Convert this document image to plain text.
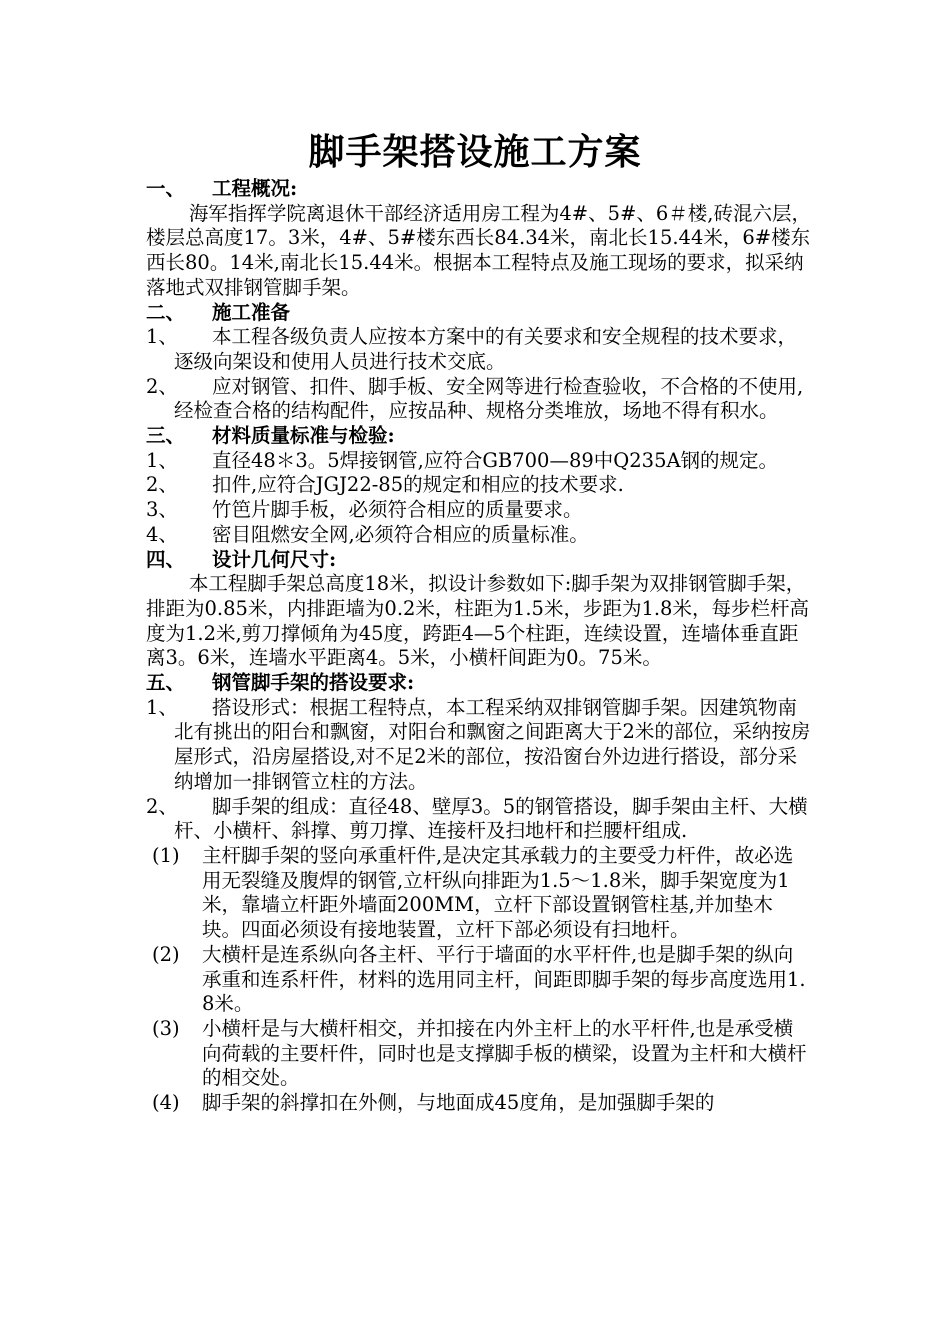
脚手架搭设施工方案

一、 工程概况:

海军指挥学院离退休干部经济适用房工程为4#、5#、6＃楼,砖混六层，楼层总高度17。3米，4#、5#楼东西长84.34米，南北长15.44米，6#楼东西长80。14米,南北长15.44米。根据本工程特点及施工现场的要求，拟采纳落地式双排钢管脚手架。

二、 施工准备

1、 本工程各级负责人应按本方案中的有关要求和安全规程的技术要求，逐级向架设和使用人员进行技术交底。

2、 应对钢管、扣件、脚手板、安全网等进行检查验收，不合格的不使用,经检查合格的结构配件，应按品种、规格分类堆放，场地不得有积水。

三、 材料质量标准与检验:

1、 直径48＊3。5焊接钢管,应符合GB700—89中Q235A钢的规定。

2、 扣件,应符合JGJ22-85的规定和相应的技术要求.

3、 竹笆片脚手板，必须符合相应的质量要求。

4、 密目阻燃安全网,必须符合相应的质量标准。

四、 设计几何尺寸:

本工程脚手架总高度18米，拟设计参数如下:脚手架为双排钢管脚手架，排距为0.85米，内排距墙为0.2米，柱距为1.5米，步距为1.8米，每步栏杆高度为1.2米,剪刀撑倾角为45度，跨距4—5个柱距，连续设置，连墙体垂直距离3。6米，连墙水平距离4。5米，小横杆间距为0。75米。

五、 钢管脚手架的搭设要求:

1、 搭设形式：根据工程特点，本工程采纳双排钢管脚手架。因建筑物南北有挑出的阳台和飘窗，对阳台和飘窗之间距离大于2米的部位，采纳按房屋形式，沿房屋搭设,对不足2米的部位，按沿窗台外边进行搭设，部分采纳增加一排钢管立柱的方法。

2、 脚手架的组成：直径48、壁厚3。5的钢管搭设，脚手架由主杆、大横杆、小横杆、斜撑、剪刀撑、连接杆及扫地杆和拦腰杆组成.

(1) 主杆脚手架的竖向承重杆件,是决定其承载力的主要受力杆件，故必选用无裂缝及腹焊的钢管,立杆纵向排距为1.5～1.8米，脚手架宽度为1米，靠墙立杆距外墙面200MM，立杆下部设置钢管柱基,并加垫木块。四面必须设有接地装置，立杆下部必须设有扫地杆。

(2) 大横杆是连系纵向各主杆、平行于墙面的水平杆件,也是脚手架的纵向承重和连系杆件，材料的选用同主杆，间距即脚手架的每步高度选用1.8米。

(3) 小横杆是与大横杆相交，并扣接在内外主杆上的水平杆件,也是承受横向荷载的主要杆件，同时也是支撑脚手板的横梁，设置为主杆和大横杆的相交处。

(4) 脚手架的斜撑扣在外侧，与地面成45度角，是加强脚手架的
